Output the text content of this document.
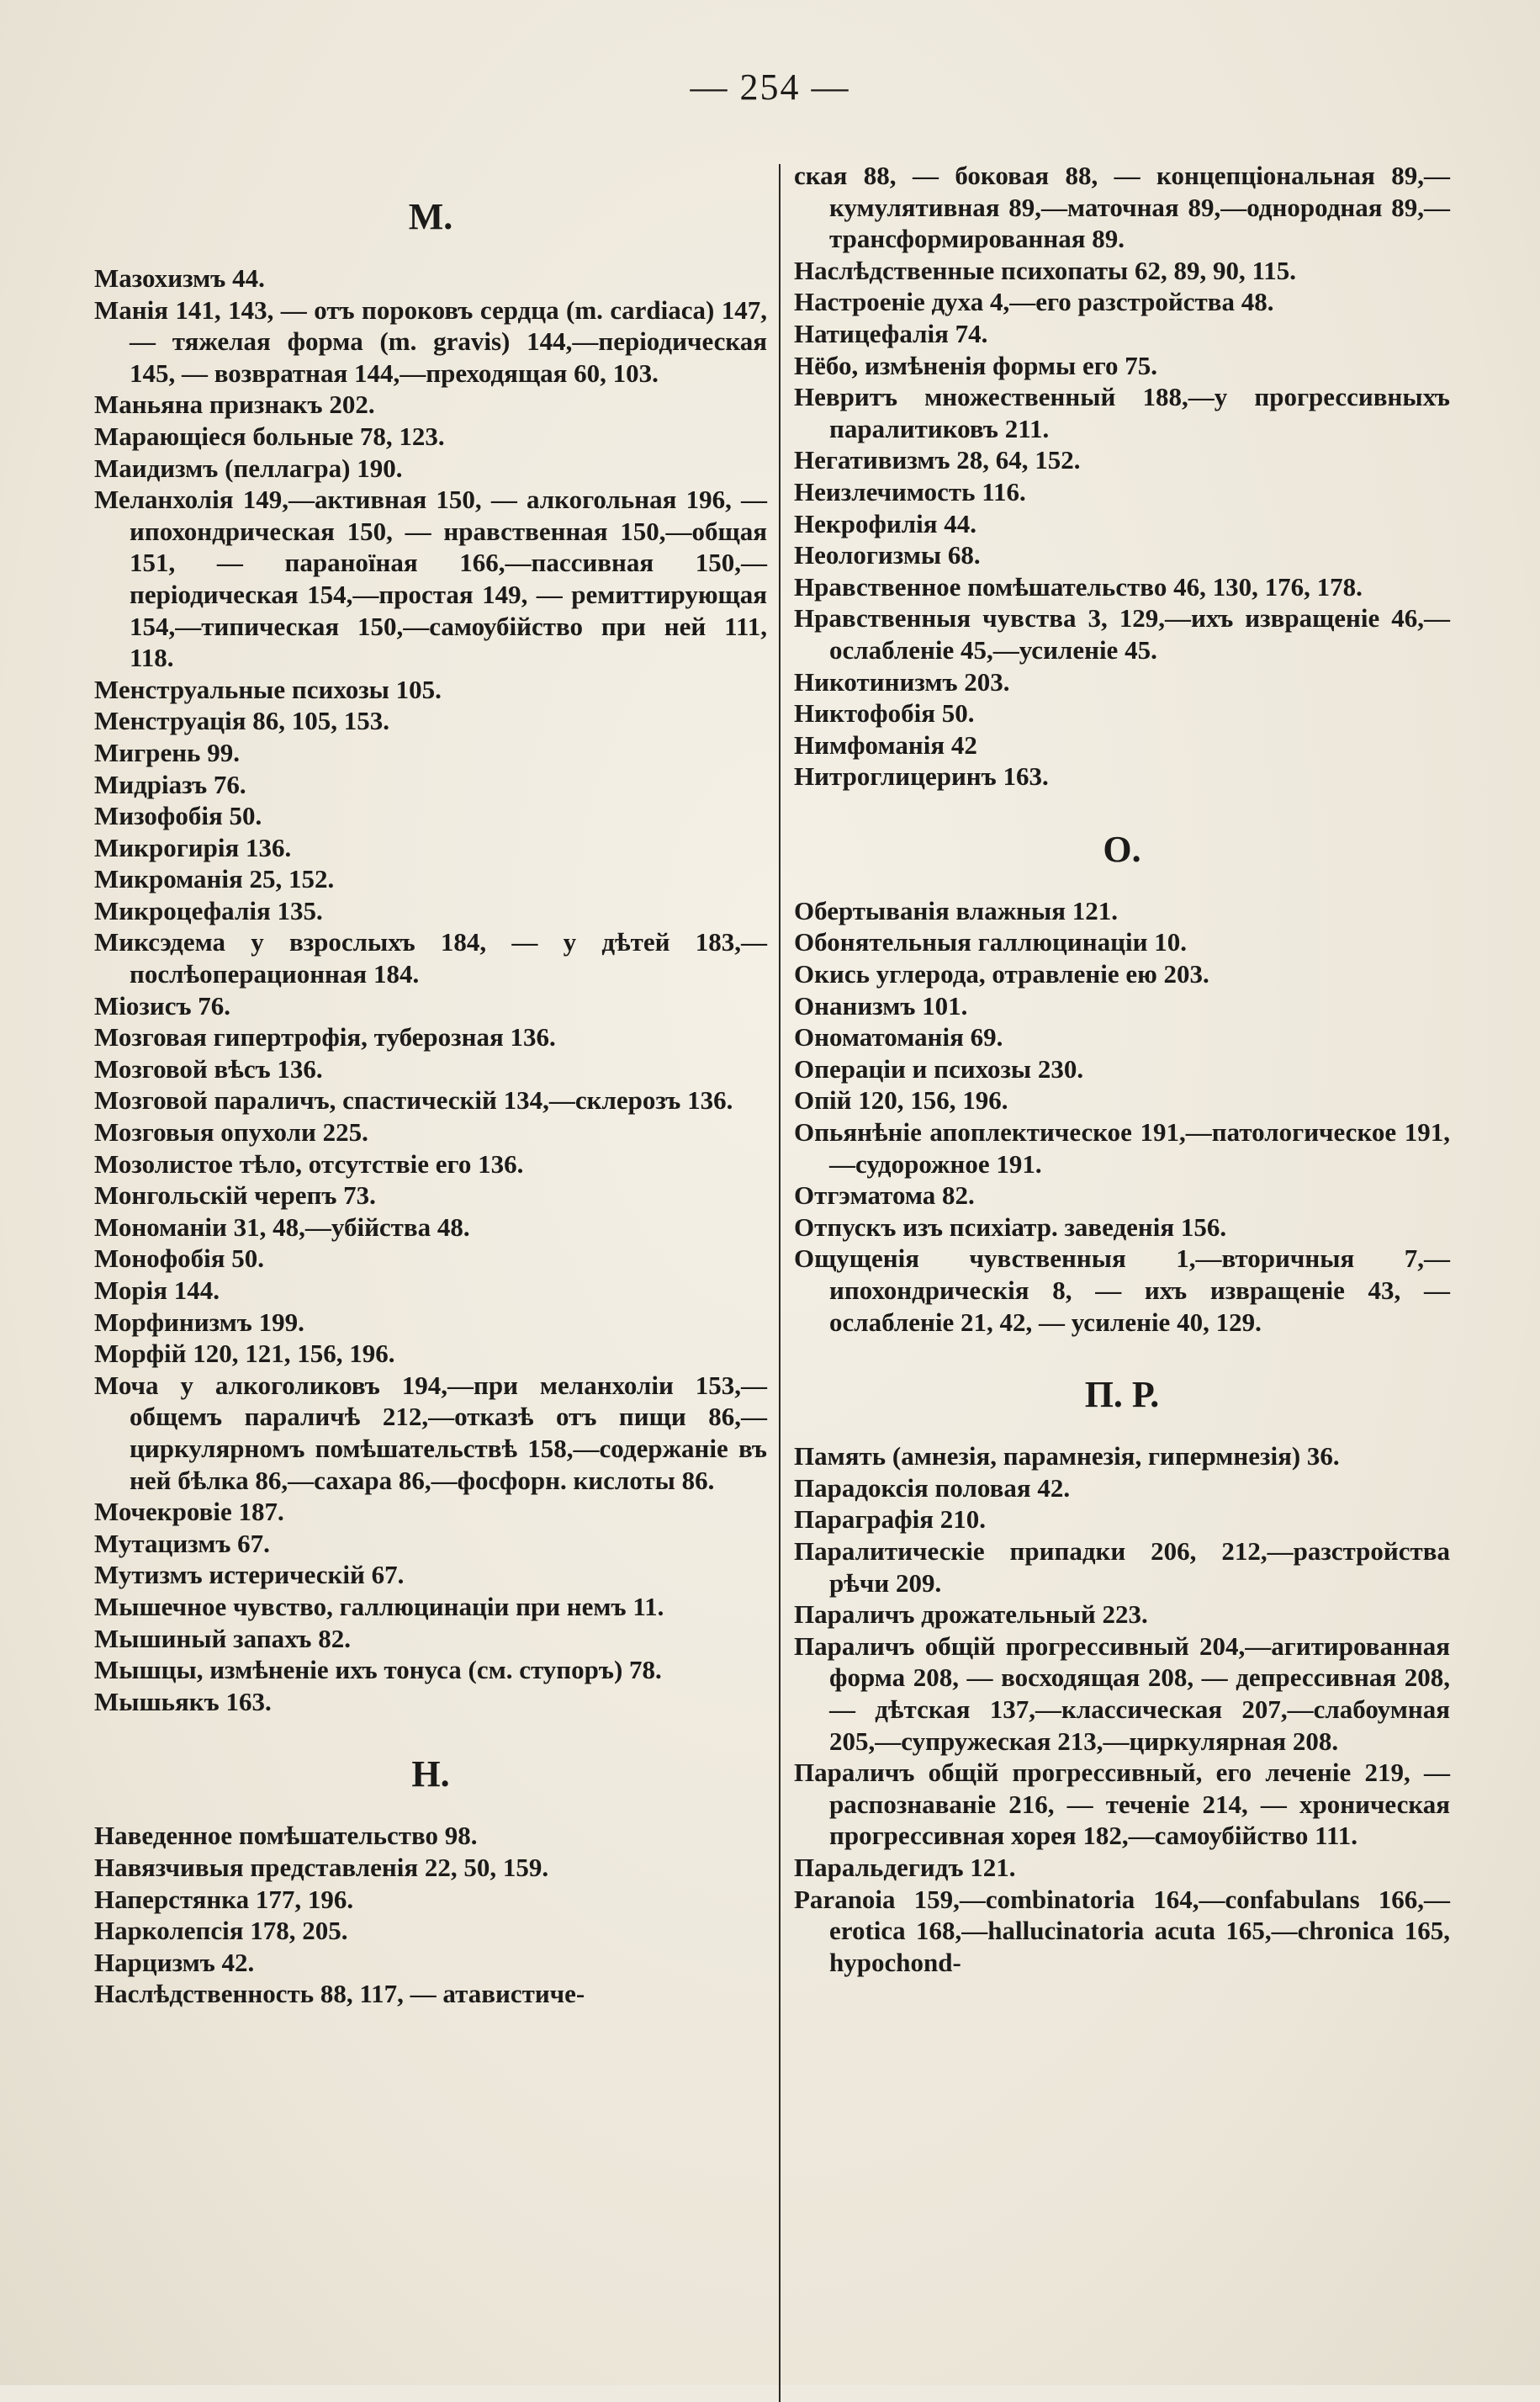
— 254 —

М.

Мазохизмъ 44.

Манія 141, 143, — отъ пороковъ сердца (m. cardiaca) 147, — тяжелая форма (m. gravis) 144,—періодическая 145, — возвратная 144,—преходящая 60, 103.

Маньяна признакъ 202.

Марающіеся больные 78, 123.

Маидизмъ (пеллагра) 190.

Меланхолія 149,—активная 150, — алкогольная 196, — ипохондрическая 150, — нравственная 150,—общая 151, — параноїная 166,—пассивная 150,—періодическая 154,—простая 149, — ремиттирующая 154,—типическая 150,—самоубійство при ней 111, 118.

Менструальные психозы 105.

Менструація 86, 105, 153.

Мигрень 99.

Мидріазъ 76.

Мизофобія 50.

Микрогирія 136.

Микроманія 25, 152.

Микроцефалія 135.

Миксэдема у взрослыхъ 184, — у дѣтей 183,—послѣоперационная 184.

Міозисъ 76.

Мозговая гипертрофія, туберозная 136.

Мозговой вѣсъ 136.

Мозговой параличъ, спастическій 134,—склерозъ 136.

Мозговыя опухоли 225.

Мозолистое тѣло, отсутствіе его 136.

Монгольскій черепъ 73.

Мономаніи 31, 48,—убійства 48.

Монофобія 50.

Морія 144.

Морфинизмъ 199.

Морфій 120, 121, 156, 196.

Моча у алкоголиковъ 194,—при меланхоліи 153,—общемъ параличѣ 212,—отказѣ отъ пищи 86,—циркулярномъ помѣшательствѣ 158,—содержаніе въ ней бѣлка 86,—сахара 86,—фосфорн. кислоты 86.

Мочекровіе 187.

Мутацизмъ 67.

Мутизмъ истерическій 67.

Мышечное чувство, галлюцинаціи при немъ 11.

Мышиный запахъ 82.

Мышцы, измѣненіе ихъ тонуса (см. ступоръ) 78.

Мышьякъ 163.

Н.

Наведенное помѣшательство 98.

Навязчивыя представленія 22, 50, 159.

Наперстянка 177, 196.

Нарколепсія 178, 205.

Нарцизмъ 42.

Наслѣдственность 88, 117, — атавистиче-

ская 88, — боковая 88, — концепціональная 89,—кумулятивная 89,—маточная 89,—однородная 89,—трансформированная 89.

Наслѣдственные психопаты 62, 89, 90, 115.

Настроеніе духа 4,—его разстройства 48.

Натицефалія 74.

Нёбо, измѣненія формы его 75.

Невритъ множественный 188,—у прогрессивныхъ паралитиковъ 211.

Негативизмъ 28, 64, 152.

Неизлечимость 116.

Некрофилія 44.

Неологизмы 68.

Нравственное помѣшательство 46, 130, 176, 178.

Нравственныя чувства 3, 129,—ихъ извращеніе 46,—ослабленіе 45,—усиленіе 45.

Никотинизмъ 203.

Никтофобія 50.

Нимфоманія 42

Нитроглицеринъ 163.

О.

Обертыванія влажныя 121.

Обонятельныя галлюцинаціи 10.

Окись углерода, отравленіе ею 203.

Онанизмъ 101.

Ономатоманія 69.

Операціи и психозы 230.

Опій 120, 156, 196.

Опьянѣніе апоплектическое 191,—патологическое 191,—судорожное 191.

Отгэматома 82.

Отпускъ изъ психіатр. заведенія 156.

Ощущенія чувственныя 1,—вторичныя 7,—ипохондрическія 8, — ихъ извращеніе 43, — ослабленіе 21, 42, — усиленіе 40, 129.

П. Р.

Память (амнезія, парамнезія, гипермнезія) 36.

Парадоксія половая 42.

Параграфія 210.

Паралитическіе припадки 206, 212,—разстройства рѣчи 209.

Параличъ дрожательный 223.

Параличъ общій прогрессивный 204,—агитированная форма 208, — восходящая 208, — депрессивная 208, — дѣтская 137,—классическая 207,—слабоумная 205,—супружеская 213,—циркулярная 208.

Параличъ общій прогрессивный, его леченіе 219, — распознаваніе 216, — теченіе 214, — хроническая прогрессивная хорея 182,—самоубійство 111.

Паральдегидъ 121.

Paranoia 159,—combinatoria 164,—confabulans 166,—erotica 168,—hallucinatoria acuta 165,—chronica 165, hypochond-
